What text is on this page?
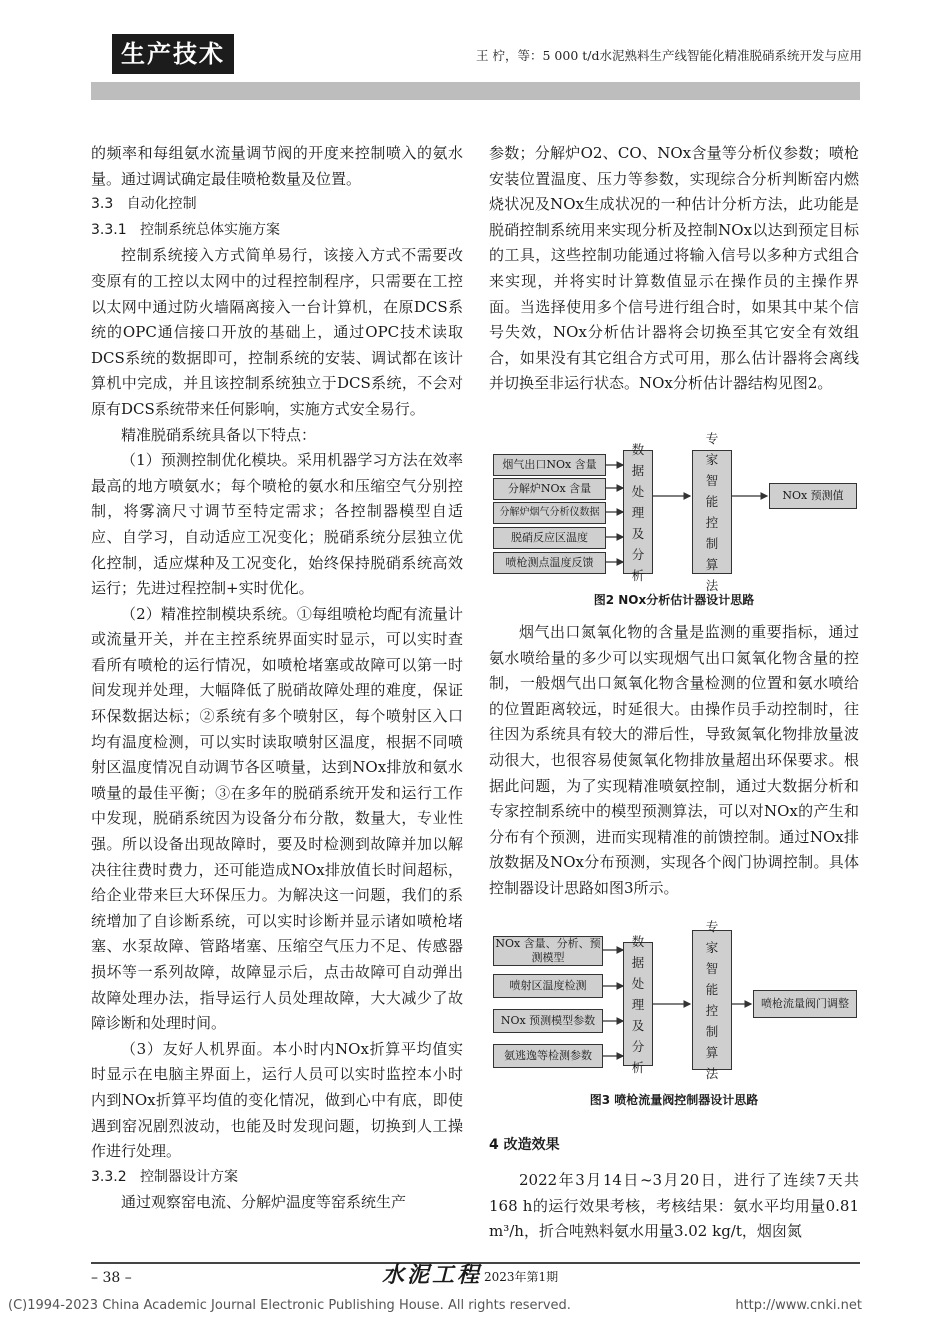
生产技术	王 柠，等：5 000 t/d水泥熟料生产线智能化精准脱硝系统开发与应用

的频率和每组氨水流量调节阀的开度来控制喷入的氨水量。通过调试确定最佳喷枪数量及位置。

3.3   自动化控制

3.3.1   控制系统总体实施方案

控制系统接入方式简单易行，该接入方式不需要改变原有的工控以太网中的过程控制程序，只需要在工控以太网中通过防火墙隔离接入一台计算机，在原DCS系统的OPC通信接口开放的基础上，通过OPC技术读取DCS系统的数据即可，控制系统的安装、调试都在该计算机中完成，并且该控制系统独立于DCS系统，不会对原有DCS系统带来任何影响，实施方式安全易行。

精准脱硝系统具备以下特点：

（1）预测控制优化模块。采用机器学习方法在效率最高的地方喷氨水；每个喷枪的氨水和压缩空气分别控制，将雾滴尺寸调节至特定需求；各控制器模型自适应、自学习，自动适应工况变化；脱硝系统分层独立优化控制，适应煤种及工况变化，始终保持脱硝系统高效运行；先进过程控制+实时优化。

（2）精准控制模块系统。①每组喷枪均配有流量计或流量开关，并在主控系统界面实时显示，可以实时查看所有喷枪的运行情况，如喷枪堵塞或故障可以第一时间发现并处理，大幅降低了脱硝故障处理的难度，保证环保数据达标；②系统有多个喷射区，每个喷射区入口均有温度检测，可以实时读取喷射区温度，根据不同喷射区温度情况自动调节各区喷量，达到NOx排放和氨水喷量的最佳平衡；③在多年的脱硝系统开发和运行工作中发现，脱硝系统因为设备分布分散，数量大，专业性强。所以设备出现故障时，要及时检测到故障并加以解决往往费时费力，还可能造成NOx排放值长时间超标，给企业带来巨大环保压力。为解决这一问题，我们的系统增加了自诊断系统，可以实时诊断并显示诸如喷枪堵塞、水泵故障、管路堵塞、压缩空气压力不足、传感器损坏等一系列故障，故障显示后，点击故障可自动弹出故障处理办法，指导运行人员处理故障，大大减少了故障诊断和处理时间。

（3）友好人机界面。本小时内NOx折算平均值实时显示在电脑主界面上，运行人员可以实时监控本小时内到NOx折算平均值的变化情况，做到心中有底，即使遇到窑况剧烈波动，也能及时发现问题，切换到人工操作进行处理。

3.3.2   控制器设计方案

通过观察窑电流、分解炉温度等窑系统生产

参数；分解炉O2、CO、NOx含量等分析仪参数；喷枪安装位置温度、压力等参数，实现综合分析判断窑内燃烧状况及NOx生成状况的一种估计分析方法，此功能是脱硝控制系统用来实现分析及控制NOx以达到预定目标的工具，这些控制功能通过将输入信号以多种方式组合来实现，并将实时计算数值显示在操作员的主操作界面。当选择使用多个信号进行组合时，如果其中某个信号失效，NOx分析估计器将会切换至其它安全有效组合，如果没有其它组合方式可用，那么估计器将会离线并切换至非运行状态。NOx分析估计器结构见图2。

烟气出口NOx 含量
分解炉NOx 含量
分解炉烟气分析仪数据
脱硝反应区温度
喷枪测点温度反馈
数据处理及分析
专家智能控制算法
NOx 预测值
图2 NOx分析估计器设计思路

烟气出口氮氧化物的含量是监测的重要指标，通过氨水喷给量的多少可以实现烟气出口氮氧化物含量的控制，一般烟气出口氮氧化物含量检测的位置和氨水喷给的位置距离较远，时延很大。由操作员手动控制时，往往因为系统具有较大的滞后性，导致氮氧化物排放量波动很大，也很容易使氮氧化物排放量超出环保要求。根据此问题，为了实现精准喷氨控制，通过大数据分析和专家控制系统中的模型预测算法，可以对NOx的产生和分布有个预测，进而实现精准的前馈控制。通过NOx排放数据及NOx分布预测，实现各个阀门协调控制。具体控制器设计思路如图3所示。

NOx 含量、分析、预测模型
喷射区温度检测
NOx 预测模型参数
氨逃逸等检测参数
数据处理及分析
专家智能控制算法
喷枪流量阀门调整
图3 喷枪流量阀控制器设计思路
4 改造效果

2022年3月14日~3月20日，进行了连续7天共168 h的运行效果考核，考核结果：氨水平均用量0.81 m³/h，折合吨熟料氨水用量3.02 kg/t，烟囱氮

– 38 –	水泥工程 2023年第1期
(C)1994-2023 China Academic Journal Electronic Publishing House. All rights reserved.	http://www.cnki.net
